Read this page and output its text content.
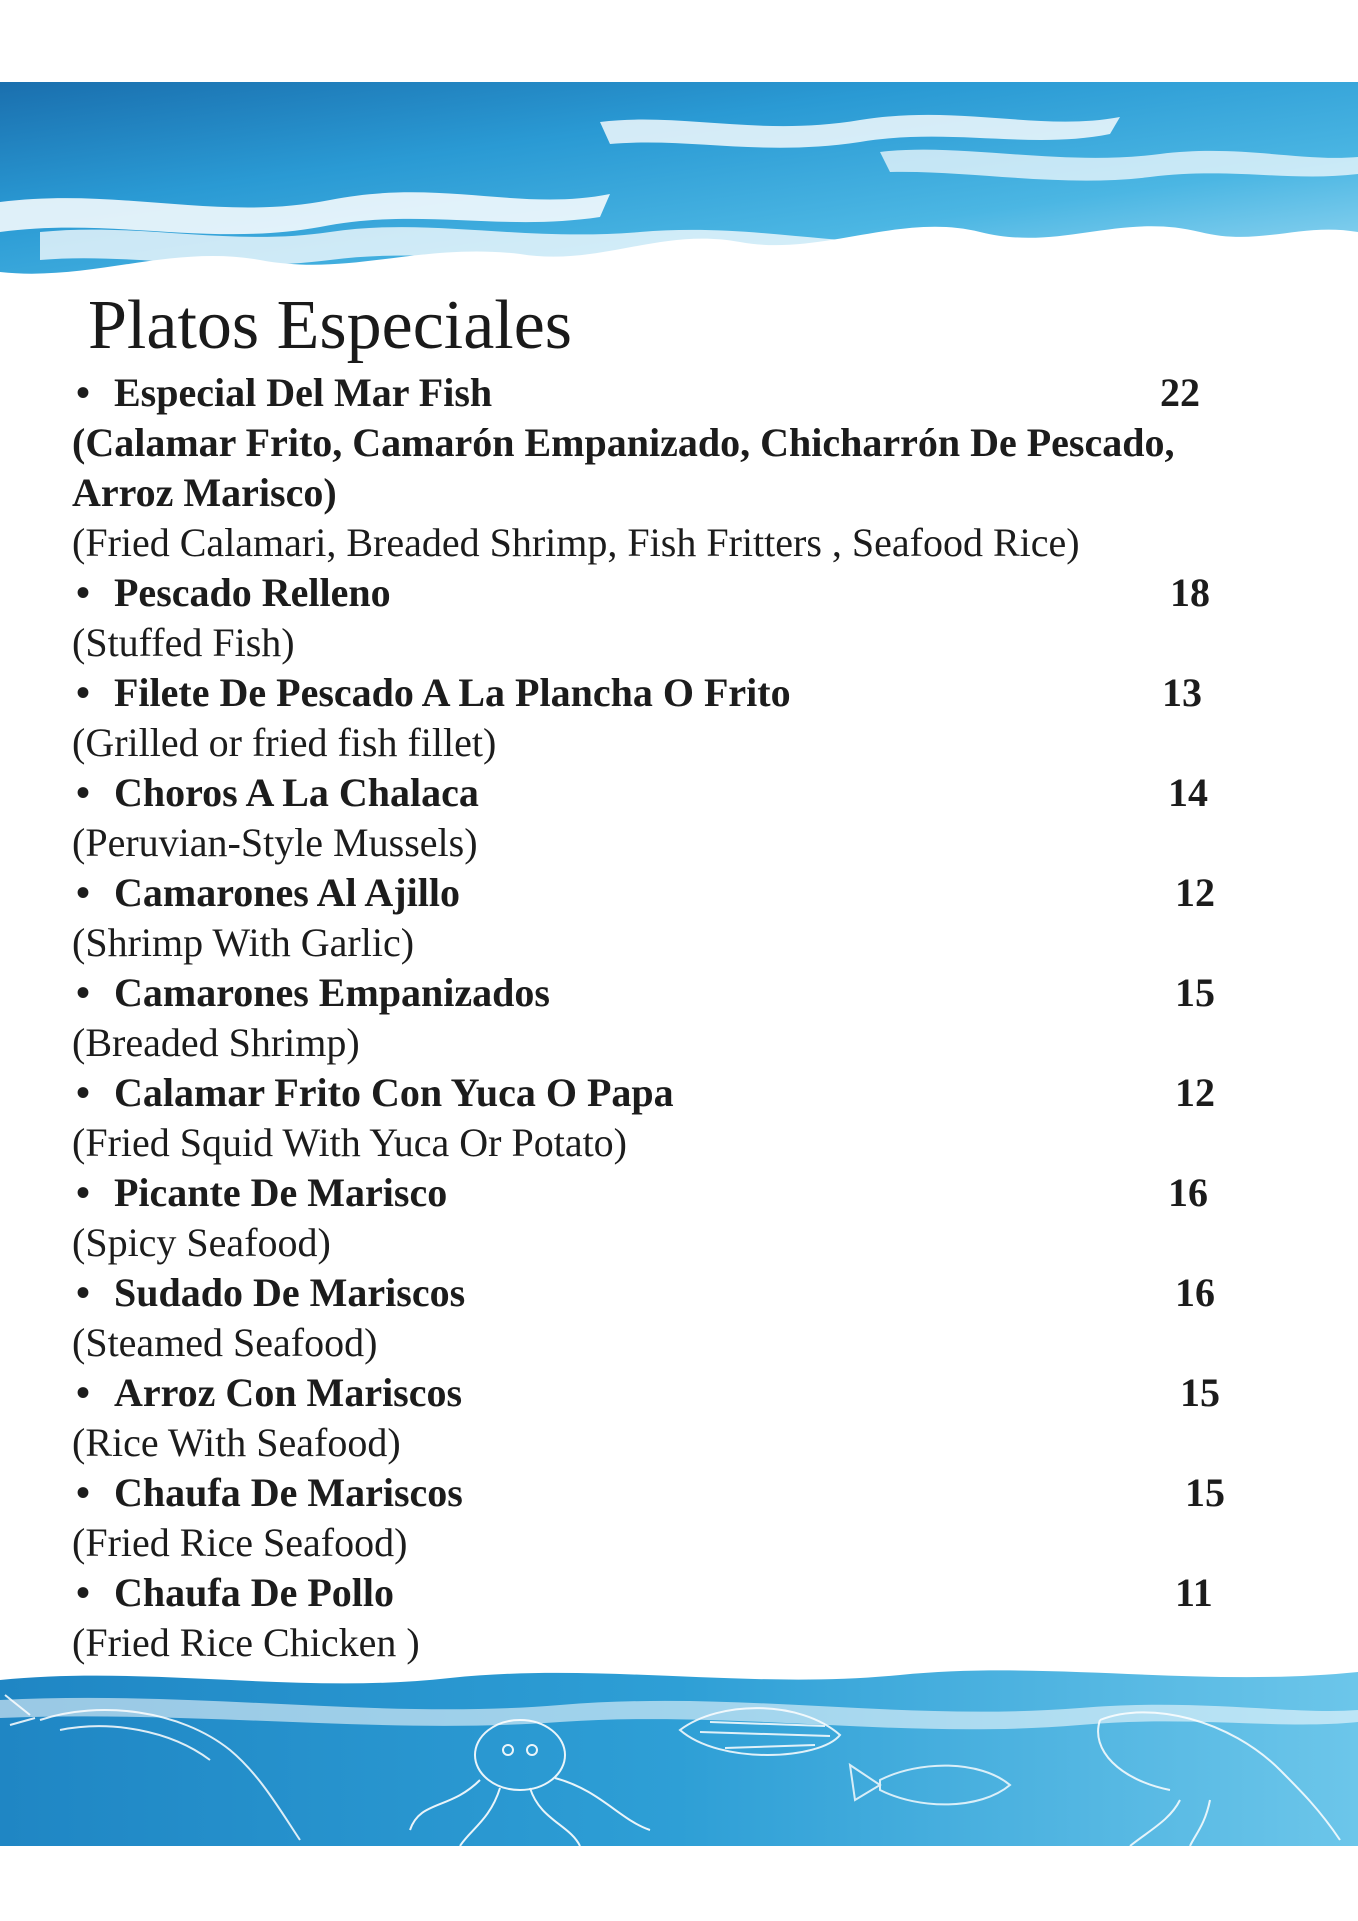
Platos Especiales
• Especial Del Mar Fish	22
(Calamar Frito, Camarón Empanizado, Chicharrón De Pescado,
Arroz Marisco)
(Fried Calamari, Breaded Shrimp, Fish Fritters , Seafood Rice)
• Pescado Relleno	18
(Stuffed Fish)
• Filete De Pescado A La Plancha O Frito	13
(Grilled or fried fish fillet)
• Choros A La Chalaca	14
(Peruvian-Style Mussels)
• Camarones Al Ajillo	12
(Shrimp With Garlic)
• Camarones Empanizados	15
(Breaded Shrimp)
• Calamar Frito Con Yuca O Papa	12
(Fried Squid With Yuca Or Potato)
• Picante De Marisco	16
(Spicy Seafood)
• Sudado De Mariscos	16
(Steamed Seafood)
• Arroz Con Mariscos	15
(Rice With Seafood)
• Chaufa De Mariscos	15
(Fried Rice Seafood)
• Chaufa De Pollo	11
(Fried Rice Chicken )
